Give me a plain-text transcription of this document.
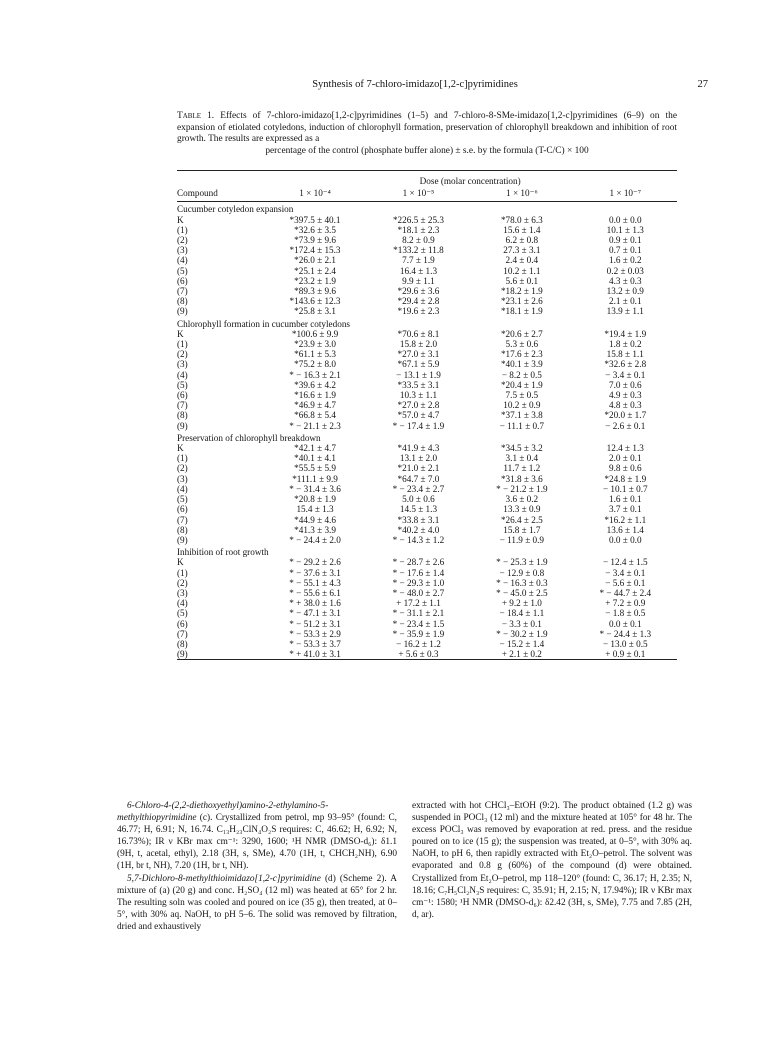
Synthesis of 7-chloro-imidazo[1,2-c]pyrimidines	27
Table 1. Effects of 7-chloro-imidazo[1,2-c]pyrimidines (1–5) and 7-chloro-8-SMe-imidazo[1,2-c]pyrimidines (6–9) on the expansion of etiolated cotyledons, induction of chlorophyll formation, preservation of chlorophyll breakdown and inhibition of root growth. The results are expressed as a
percentage of the control (phosphate buffer alone) ± s.e. by the formula (T-C/C) × 100
	Dose (molar concentration)			
Compound	1 × 10⁻⁴	1 × 10⁻⁵	1 × 10⁻⁶	1 × 10⁻⁷
Cucumber cotyledon expansion				
K	*397.5 ± 40.1	*226.5 ± 25.3	*78.0 ± 6.3	0.0 ± 0.0
(1)	*32.6 ± 3.5	*18.1 ± 2.3	15.6 ± 1.4	10.1 ± 1.3
(2)	*73.9 ± 9.6	8.2 ± 0.9	6.2 ± 0.8	0.9 ± 0.1
(3)	*172.4 ± 15.3	*133.2 ± 11.8	27.3 ± 3.1	0.7 ± 0.1
(4)	*26.0 ± 2.1	7.7 ± 1.9	2.4 ± 0.4	1.6 ± 0.2
(5)	*25.1 ± 2.4	16.4 ± 1.3	10.2 ± 1.1	0.2 ± 0.03
(6)	*23.2 ± 1.9	9.9 ± 1.1	5.6 ± 0.1	4.3 ± 0.3
(7)	*89.3 ± 9.6	*29.6 ± 3.6	*18.2 ± 1.9	13.2 ± 0.9
(8)	*143.6 ± 12.3	*29.4 ± 2.8	*23.1 ± 2.6	2.1 ± 0.1
(9)	*25.8 ± 3.1	*19.6 ± 2.3	*18.1 ± 1.9	13.9 ± 1.1
Chlorophyll formation in cucumber cotyledons				
K	*100.6 ± 9.9	*70.6 ± 8.1	*20.6 ± 2.7	*19.4 ± 1.9
(1)	*23.9 ± 3.0	15.8 ± 2.0	5.3 ± 0.6	1.8 ± 0.2
(2)	*61.1 ± 5.3	*27.0 ± 3.1	*17.6 ± 2.3	15.8 ± 1.1
(3)	*75.2 ± 8.0	*67.1 ± 5.9	*40.1 ± 3.9	*32.6 ± 2.8
(4)	* − 16.3 ± 2.1	− 13.1 ± 1.9	− 8.2 ± 0.5	− 3.4 ± 0.1
(5)	*39.6 ± 4.2	*33.5 ± 3.1	*20.4 ± 1.9	7.0 ± 0.6
(6)	*16.6 ± 1.9	10.3 ± 1.1	7.5 ± 0.5	4.9 ± 0.3
(7)	*46.9 ± 4.7	*27.0 ± 2.8	10.2 ± 0.9	4.8 ± 0.3
(8)	*66.8 ± 5.4	*57.0 ± 4.7	*37.1 ± 3.8	*20.0 ± 1.7
(9)	* − 21.1 ± 2.3	* − 17.4 ± 1.9	− 11.1 ± 0.7	− 2.6 ± 0.1
Preservation of chlorophyll breakdown				
K	*42.1 ± 4.7	*41.9 ± 4.3	*34.5 ± 3.2	12.4 ± 1.3
(1)	*40.1 ± 4.1	13.1 ± 2.0	3.1 ± 0.4	2.0 ± 0.1
(2)	*55.5 ± 5.9	*21.0 ± 2.1	11.7 ± 1.2	9.8 ± 0.6
(3)	*111.1 ± 9.9	*64.7 ± 7.0	*31.8 ± 3.6	*24.8 ± 1.9
(4)	* − 31.4 ± 3.6	* − 23.4 ± 2.7	* − 21.2 ± 1.9	− 10.1 ± 0.7
(5)	*20.8 ± 1.9	5.0 ± 0.6	3.6 ± 0.2	1.6 ± 0.1
(6)	15.4 ± 1.3	14.5 ± 1.3	13.3 ± 0.9	3.7 ± 0.1
(7)	*44.9 ± 4.6	*33.8 ± 3.1	*26.4 ± 2.5	*16.2 ± 1.1
(8)	*41.3 ± 3.9	*40.2 ± 4.0	15.8 ± 1.7	13.6 ± 1.4
(9)	* − 24.4 ± 2.0	* − 14.3 ± 1.2	− 11.9 ± 0.9	0.0 ± 0.0
Inhibition of root growth				
K	* − 29.2 ± 2.6	* − 28.7 ± 2.6	* − 25.3 ± 1.9	− 12.4 ± 1.5
(1)	* − 37.6 ± 3.1	* − 17.6 ± 1.4	− 12.9 ± 0.8	− 3.4 ± 0.1
(2)	* − 55.1 ± 4.3	* − 29.3 ± 1.0	* − 16.3 ± 0.3	− 5.6 ± 0.1
(3)	* − 55.6 ± 6.1	* − 48.0 ± 2.7	* − 45.0 ± 2.5	* − 44.7 ± 2.4
(4)	* + 38.0 ± 1.6	+ 17.2 ± 1.1	+ 9.2 ± 1.0	+ 7.2 ± 0.9
(5)	* − 47.1 ± 3.1	* − 31.1 ± 2.1	− 18.4 ± 1.1	− 1.8 ± 0.5
(6)	* − 51.2 ± 3.1	* − 23.4 ± 1.5	− 3.3 ± 0.1	0.0 ± 0.1
(7)	* − 53.3 ± 2.9	* − 35.9 ± 1.9	* − 30.2 ± 1.9	* − 24.4 ± 1.3
(8)	* − 53.3 ± 3.7	− 16.2 ± 1.2	− 15.2 ± 1.4	− 13.0 ± 0.5
(9)	* + 41.0 ± 3.1	+ 5.6 ± 0.3	+ 2.1 ± 0.2	+ 0.9 ± 0.1

6-Chloro-4-(2,2-diethoxyethyl)amino-2-ethylamino-5-methylthiopyrimidine (c). Crystallized from petrol, mp 93–95° (found: C, 46.77; H, 6.91; N, 16.74. C₁₃H₂₃ClN₄O₂S requires: C, 46.62; H, 6.92; N, 16.73%); IR ν KBr max cm⁻¹: 3290, 1600; ¹H NMR (DMSO-d₆): δ1.1 (9H, t, acetal, ethyl), 2.18 (3H, s, SMe), 4.70 (1H, t, CHCH₂NH), 6.90 (1H, br t, NH), 7.20 (1H, br t, NH).

5,7-Dichloro-8-methylthioimidazo[1,2-c]pyrimidine (d) (Scheme 2). A mixture of (a) (20 g) and conc. H₂SO₄ (12 ml) was heated at 65° for 2 hr. The resulting soln was cooled and poured on ice (35 g), then treated, at 0–5°, with 30% aq. NaOH, to pH 5–6. The solid was removed by filtration, dried and exhaustively

extracted with hot CHCl₃–EtOH (9:2). The product obtained (1.2 g) was suspended in POCl₃ (12 ml) and the mixture heated at 105° for 48 hr. The excess POCl₃ was removed by evaporation at red. press. and the residue poured on to ice (15 g); the suspension was treated, at 0–5°, with 30% aq. NaOH, to pH 6, then rapidly extracted with Et₂O–petrol. The solvent was evaporated and 0.8 g (60%) of the compound (d) were obtained. Crystallized from Et₂O–petrol, mp 118–120° (found: C, 36.17; H, 2.35; N, 18.16; C₇H₅Cl₂N₃S requires: C, 35.91; H, 2.15; N, 17.94%); IR ν KBr max cm⁻¹: 1580; ¹H NMR (DMSO-d₆): δ2.42 (3H, s, SMe), 7.75 and 7.85 (2H, d, ar).
